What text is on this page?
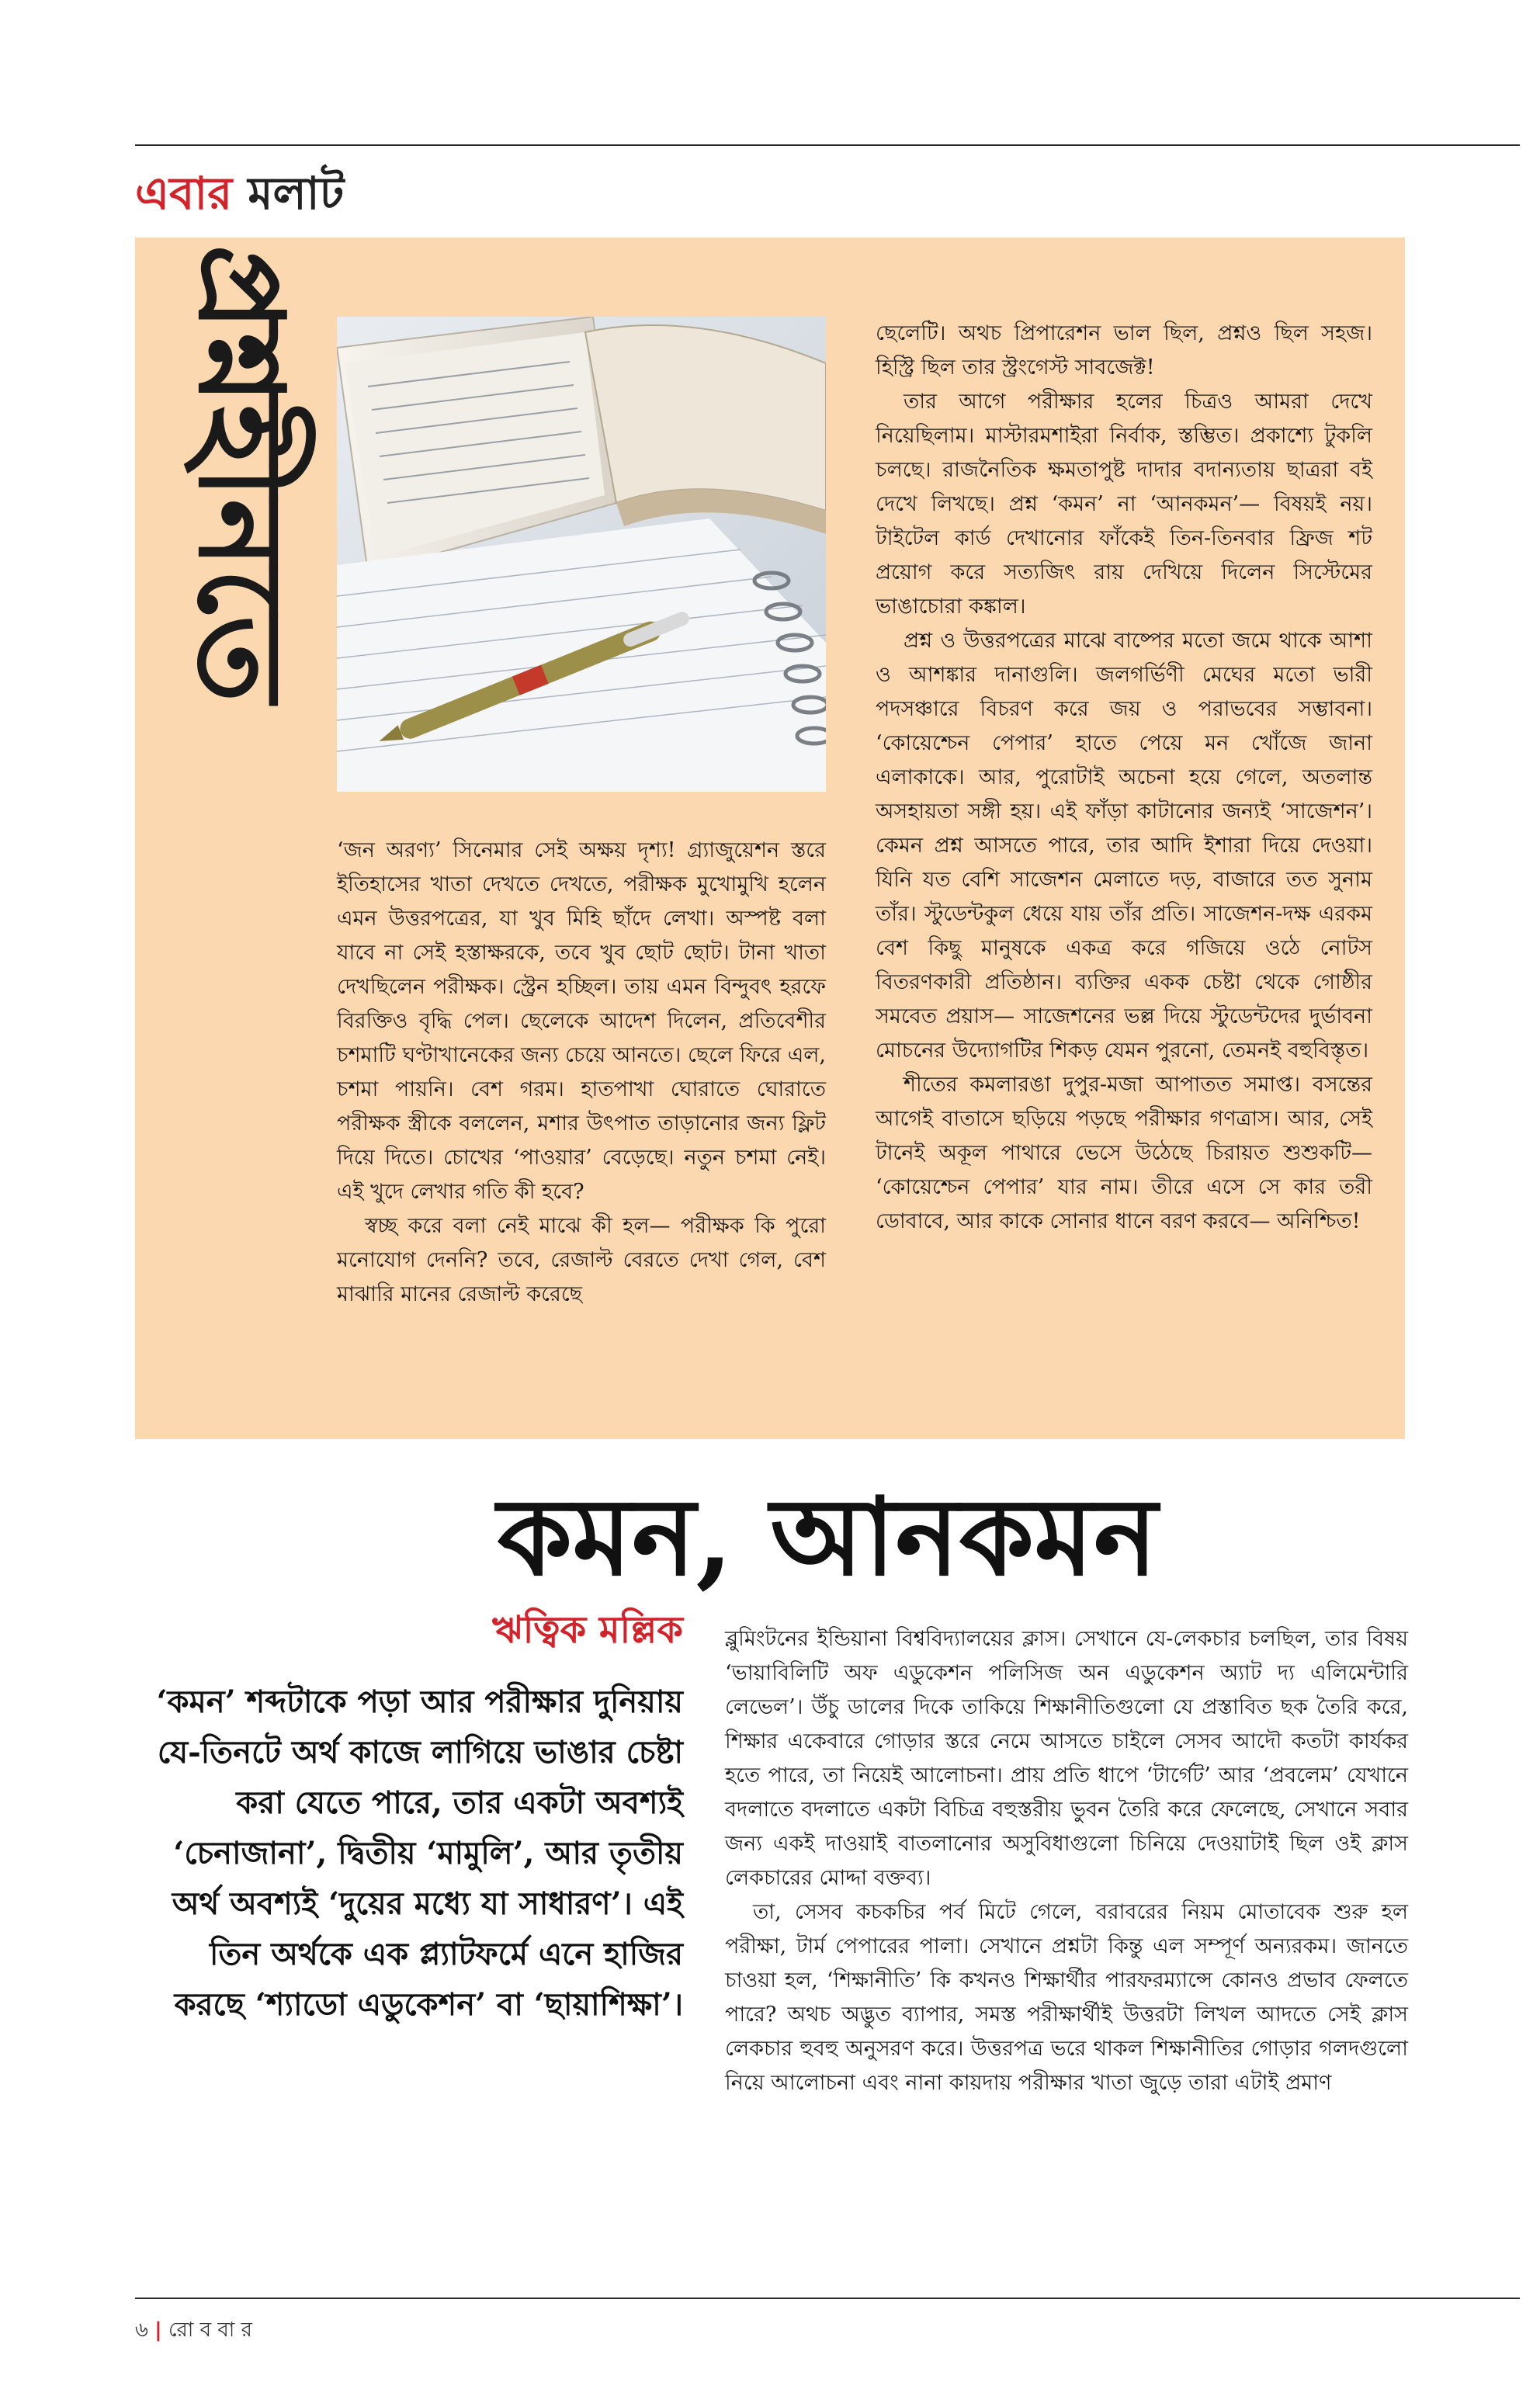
এবার মলাট
প্রশ্নহীনতে

‘জন অরণ্য’ সিনেমার সেই অক্ষয় দৃশ্য! গ্র্যাজুয়েশন স্তরে ইতিহাসের খাতা দেখতে দেখতে, পরীক্ষক মুখোমুখি হলেন এমন উত্তরপত্রের, যা খুব মিহি ছাঁদে লেখা। অস্পষ্ট বলা যাবে না সেই হস্তাক্ষরকে, তবে খুব ছোট ছোট। টানা খাতা দেখছিলেন পরীক্ষক। স্ট্রেন হচ্ছিল। তায় এমন বিন্দুবৎ হরফে বিরক্তিও বৃদ্ধি পেল। ছেলেকে আদেশ দিলেন, প্রতিবেশীর চশমাটি ঘণ্টাখানেকের জন্য চেয়ে আনতে। ছেলে ফিরে এল, চশমা পায়নি। বেশ গরম। হাতপাখা ঘোরাতে ঘোরাতে পরীক্ষক স্ত্রীকে বললেন, মশার উৎপাত তাড়ানোর জন্য ফ্লিট দিয়ে দিতে। চোখের ‘পাওয়ার’ বেড়েছে। নতুন চশমা নেই। এই খুদে লেখার গতি কী হবে?

স্বচ্ছ করে বলা নেই মাঝে কী হল— পরীক্ষক কি পুরো মনোযোগ দেননি? তবে, রেজাল্ট বেরতে দেখা গেল, বেশ মাঝারি মানের রেজাল্ট করেছে

ছেলেটি। অথচ প্রিপারেশন ভাল ছিল, প্রশ্নও ছিল সহজ। হিস্ট্রি ছিল তার স্ট্রংগেস্ট সাবজেক্ট!

তার আগে পরীক্ষার হলের চিত্রও আমরা দেখে নিয়েছিলাম। মাস্টারমশাইরা নির্বাক, স্তম্ভিত। প্রকাশ্যে টুকলি চলছে। রাজনৈতিক ক্ষমতাপুষ্ট দাদার বদান্যতায় ছাত্ররা বই দেখে লিখছে। প্রশ্ন ‘কমন’ না ‘আনকমন’— বিষয়ই নয়। টাইটেল কার্ড দেখানোর ফাঁকেই তিন-তিনবার ফ্রিজ শট প্রয়োগ করে সত্যজিৎ রায় দেখিয়ে দিলেন সিস্টেমের ভাঙাচোরা কঙ্কাল।

প্রশ্ন ও উত্তরপত্রের মাঝে বাষ্পের মতো জমে থাকে আশা ও আশঙ্কার দানাগুলি। জলগর্ভিণী মেঘের মতো ভারী পদসঞ্চারে বিচরণ করে জয় ও পরাভবের সম্ভাবনা। ‘কোয়েশ্চেন পেপার’ হাতে পেয়ে মন খোঁজে জানা এলাকাকে। আর, পুরোটাই অচেনা হয়ে গেলে, অতলান্ত অসহায়তা সঙ্গী হয়। এই ফাঁড়া কাটানোর জন্যই ‘সাজেশন’। কেমন প্রশ্ন আসতে পারে, তার আদি ইশারা দিয়ে দেওয়া। যিনি যত বেশি সাজেশন মেলাতে দড়, বাজারে তত সুনাম তাঁর। স্টুডেন্টকুল ধেয়ে যায় তাঁর প্রতি। সাজেশন-দক্ষ এরকম বেশ কিছু মানুষকে একত্র করে গজিয়ে ওঠে নোটস বিতরণকারী প্রতিষ্ঠান। ব্যক্তির একক চেষ্টা থেকে গোষ্ঠীর সমবেত প্রয়াস— সাজেশনের ভল্ল দিয়ে স্টুডেন্টদের দুর্ভাবনা মোচনের উদ্যোগটির শিকড় যেমন পুরনো, তেমনই বহুবিস্তৃত।

শীতের কমলারঙা দুপুর-মজা আপাতত সমাপ্ত। বসন্তের আগেই বাতাসে ছড়িয়ে পড়ছে পরীক্ষার গণত্রাস। আর, সেই টানেই অকূল পাথারে ভেসে উঠেছে চিরায়ত শুশুকটি— ‘কোয়েশ্চেন পেপার’ যার নাম। তীরে এসে সে কার তরী ডোবাবে, আর কাকে সোনার ধানে বরণ করবে— অনিশ্চিত!

কমন, আনকমন
ঋত্বিক মল্লিক
‘কমন’ শব্দটাকে পড়া আর পরীক্ষার দুনিয়ায় যে-তিনটে অর্থ কাজে লাগিয়ে ভাঙার চেষ্টা করা যেতে পারে, তার একটা অবশ্যই ‘চেনাজানা’, দ্বিতীয় ‘মামুলি’, আর তৃতীয় অর্থ অবশ্যই ‘দুয়ের মধ্যে যা সাধারণ’। এই তিন অর্থকে এক প্ল্যাটফর্মে এনে হাজির করছে ‘শ্যাডো এডুকেশন’ বা ‘ছায়াশিক্ষা’।

ব্লুমিংটনের ইন্ডিয়ানা বিশ্ববিদ্যালয়ের ক্লাস। সেখানে যে-লেকচার চলছিল, তার বিষয় ‘ভায়াবিলিটি অফ এডুকেশন পলিসিজ অন এডুকেশন অ্যাট দ্য এলিমেন্টারি লেভেল’। উঁচু ডালের দিকে তাকিয়ে শিক্ষানীতিগুলো যে প্রস্তাবিত ছক তৈরি করে, শিক্ষার একেবারে গোড়ার স্তরে নেমে আসতে চাইলে সেসব আদৌ কতটা কার্যকর হতে পারে, তা নিয়েই আলোচনা। প্রায় প্রতি ধাপে ‘টার্গেট’ আর ‘প্রবলেম’ যেখানে বদলাতে বদলাতে একটা বিচিত্র বহুস্তরীয় ভুবন তৈরি করে ফেলেছে, সেখানে সবার জন্য একই দাওয়াই বাতলানোর অসুবিধাগুলো চিনিয়ে দেওয়াটাই ছিল ওই ক্লাস লেকচারের মোদ্দা বক্তব্য।

তা, সেসব কচকচির পর্ব মিটে গেলে, বরাবরের নিয়ম মোতাবেক শুরু হল পরীক্ষা, টার্ম পেপারের পালা। সেখানে প্রশ্নটা কিন্তু এল সম্পূর্ণ অন্যরকম। জানতে চাওয়া হল, ‘শিক্ষানীতি’ কি কখনও শিক্ষার্থীর পারফরম্যান্সে কোনও প্রভাব ফেলতে পারে? অথচ অদ্ভুত ব্যাপার, সমস্ত পরীক্ষার্থীই উত্তরটা লিখল আদতে সেই ক্লাস লেকচার হুবহু অনুসরণ করে। উত্তরপত্র ভরে থাকল শিক্ষানীতির গোড়ার গলদগুলো নিয়ে আলোচনা এবং নানা কায়দায় পরীক্ষার খাতা জুড়ে তারা এটাই প্রমাণ

৬ | রো ব বা র
